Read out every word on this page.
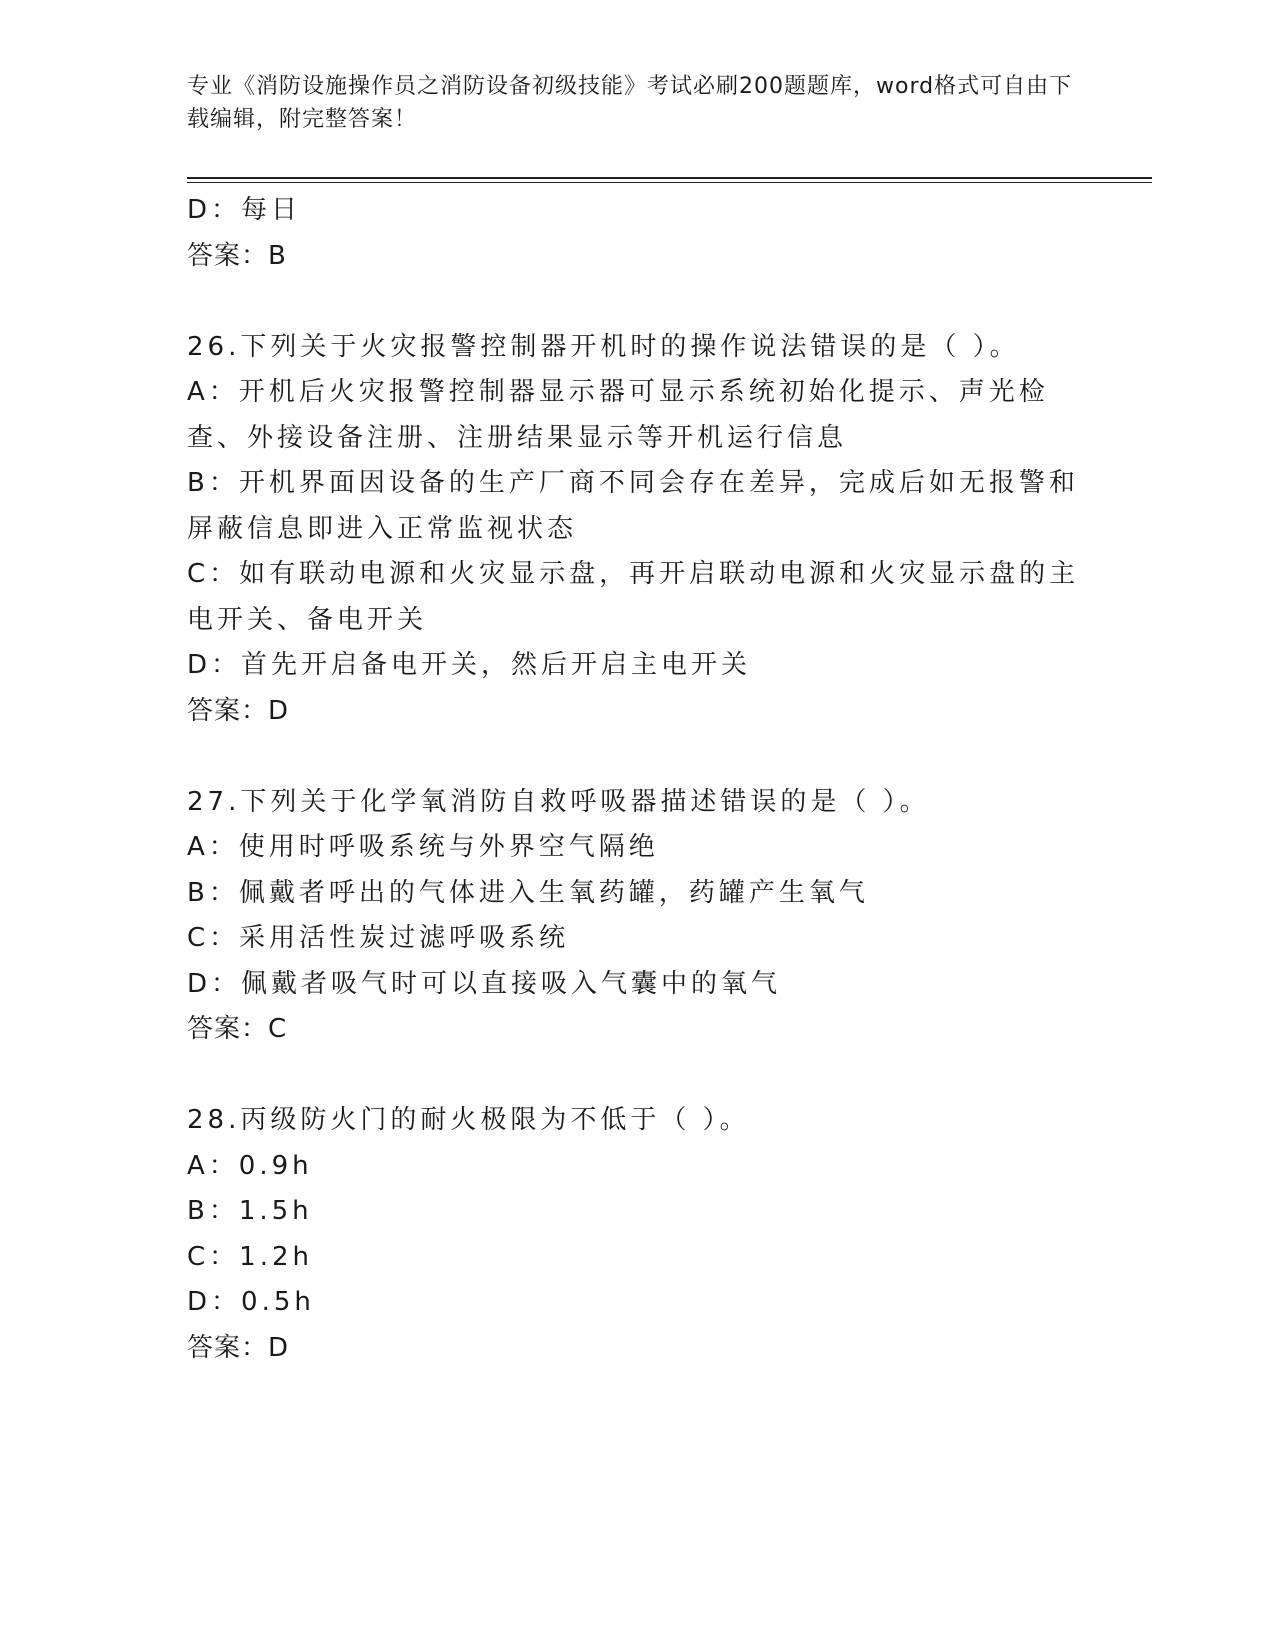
专业《消防设施操作员之消防设备初级技能》考试必刷200题题库，word格式可自由下载编辑，附完整答案！
D：每日
答案：B
26.下列关于火灾报警控制器开机时的操作说法错误的是（ ）。
A：开机后火灾报警控制器显示器可显示系统初始化提示、声光检查、外接设备注册、注册结果显示等开机运行信息
B：开机界面因设备的生产厂商不同会存在差异，完成后如无报警和屏蔽信息即进入正常监视状态
C：如有联动电源和火灾显示盘，再开启联动电源和火灾显示盘的主电开关、备电开关
D：首先开启备电开关，然后开启主电开关
答案：D
27.下列关于化学氧消防自救呼吸器描述错误的是（ ）。
A：使用时呼吸系统与外界空气隔绝
B：佩戴者呼出的气体进入生氧药罐，药罐产生氧气
C：采用活性炭过滤呼吸系统
D：佩戴者吸气时可以直接吸入气囊中的氧气
答案：C
28.丙级防火门的耐火极限为不低于（ ）。
A：0.9h
B：1.5h
C：1.2h
D：0.5h
答案：D
